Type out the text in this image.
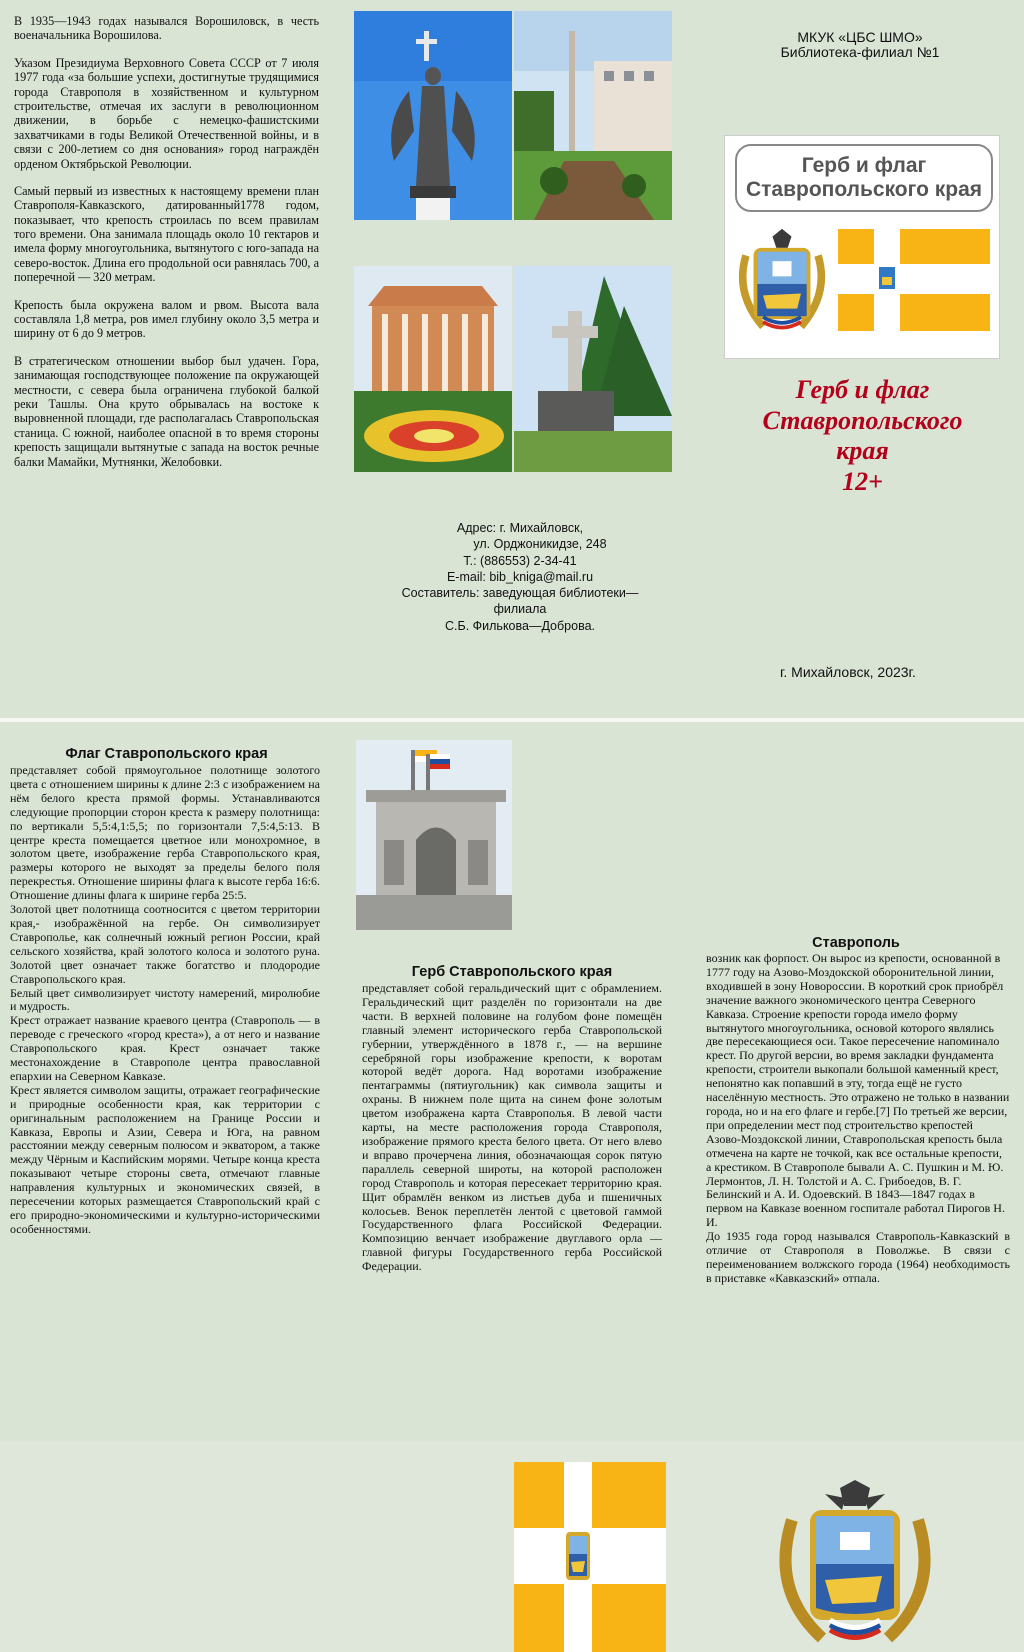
В 1935—1943 годах назывался Ворошиловск, в честь военачальника Ворошилова.

Указом Президиума Верховного Совета СССР от 7 июля 1977 года «за большие успехи, достигнутые трудящимися города Ставрополя в хозяйственном и культурном строительстве, отмечая их заслуги в революционном движении, в борьбе с немецко-фашистскими захватчиками в годы Великой Отечественной войны, и в связи с 200-летием со дня основания» город награждён орденом Октябрьской Революции.

Самый первый из известных к настоящему времени план Ставрополя-Кавказского, датированный1778 годом, показывает, что крепость строилась по всем правилам того времени. Она занимала площадь около 10 гектаров и имела форму многоугольника, вытянутого с юго-запада на северо-восток. Длина его продольной оси равнялась 700, а поперечной — 320 метрам.

Крепость была окружена валом и рвом. Высота вала составляла 1,8 метра, ров имел глубину около 3,5 метра и ширину от 6 до 9 метров.

В стратегическом отношении выбор был удачен. Гора, занимающая господствующее положение па окружающей местности, с севера была ограничена глубокой балкой реки Ташлы. Она круто обрывалась на востоке к выровненной площади, где располагалась Ставропольская станица. С южной, наиболее опасной в то время стороны крепость защищали вытянутые с запада на восток речные балки Мамайки, Мутнянки, Желобовки.

МКУК «ЦБС ШМО»
Библиотека-филиал №1
Герб и флаг
Ставропольского края
Герб и флаг
Ставропольского
края
12+
Адрес: г. Михайловск,
ул. Орджоникидзе, 248
Т.: (886553) 2-34-41
E-mail: bib_kniga@mail.ru
Составитель: заведующая библиотеки—
филиала
С.Б. Филькова—Доброва.
г. Михайловск, 2023г.
Флаг Ставропольского края

представляет собой прямоугольное полотнище золотого цвета с отношением ширины к длине 2:3 с изображением на нём белого креста прямой формы. Устанавливаются следующие пропорции сторон креста к размеру полотнища: по вертикали 5,5:4,1:5,5; по горизонтали 7,5:4,5:13. В центре креста помещается цветное или монохромное, в золотом цвете, изображение герба Ставропольского края, размеры которого не выходят за пределы белого поля перекрестья. Отношение ширины флага к высоте герба 16:6. Отношение длины флага к ширине герба 25:5.

Золотой цвет полотнища соотносится с цветом территории края,- изображённой на гербе. Он символизирует Ставрополье, как солнечный южный регион России, край сельского хозяйства, край золотого колоса и золотого руна. Золотой цвет означает также богатство и плодородие Ставропольского края.

Белый цвет символизирует чистоту намерений, миролюбие и мудрость.

Крест отражает название краевого центра (Ставрополь — в переводе с греческого «город креста»), а от него и название Ставропольского края. Крест означает также местонахождение в Ставрополе центра православной епархии на Северном Кавказе.

Крест является символом защиты, отражает географические и природные особенности края, как территории с оригинальным расположением на Границе России и Кавказа, Европы и Азии, Севера и Юга, на равном расстоянии между северным полюсом и экватором, а также между Чёрным и Каспийским морями. Четыре конца креста показывают четыре стороны света, отмечают главные направления культурных и экономических связей, в пересечении которых размещается Ставропольский край с его природно-экономическими и культурно-историческими особенностями.

Герб Ставропольского края

представляет собой геральдический щит с обрамлением. Геральдический щит разделён по горизонтали на две части. В верхней половине на голубом фоне помещён главный элемент исторического герба Ставропольской губернии, утверждённого в 1878 г., — на вершине серебряной горы изображение крепости, к воротам которой ведёт дорога. Над воротами изображение пентаграммы (пятиугольник) как символа защиты и охраны. В нижнем поле щита на синем фоне золотым цветом изображена карта Ставрополья. В левой части карты, на месте расположения города Ставрополя, изображение прямого креста белого цвета. От него влево и вправо прочерчена линия, обозначающая сорок пятую параллель северной широты, на которой расположен город Ставрополь и которая пересекает территорию края. Щит обрамлён венком из листьев дуба и пшеничных колосьев. Венок переплетён лентой с цветовой гаммой Государственного флага Российской Федерации. Композицию венчает изображение двуглавого орла — главной фигуры Государственного герба Российской Федерации.

Ставрополь

возник как форпост. Он вырос из крепости, основанной в 1777 году на Азово-Моздокской оборонительной линии, входившей в зону Новороссии. В короткий срок приобрёл значение важного экономического центра Северного Кавказа. Строение крепости города имело форму вытянутого многоугольника, основой которого являлись две пересекающиеся оси. Такое пересечение напоминало крест. По другой версии, во время закладки фундамента крепости, строители выкопали большой каменный крест, непонятно как попавший в эту, тогда ещё не густо населённую местность. Это отражено не только в названии города, но и на его флаге и гербе.[7] По третьей же версии, при определении мест под строительство крепостей Азово-Моздокской линии, Ставропольская крепость была отмечена на карте не точкой, как все остальные крепости, а крестиком. В Ставрополе бывали А. С. Пушкин и М. Ю. Лермонтов, Л. Н. Толстой и А. С. Грибоедов, В. Г. Белинский и А. И. Одоевский. В 1843—1847 годах в первом на Кавказе военном госпитале работал Пирогов Н. И.

До 1935 года город назывался Ставрополь-Кавказский в отличие от Ставрополя в Поволжье. В связи с переименованием волжского города (1964) необходимость в приставке «Кавказский» отпала.
